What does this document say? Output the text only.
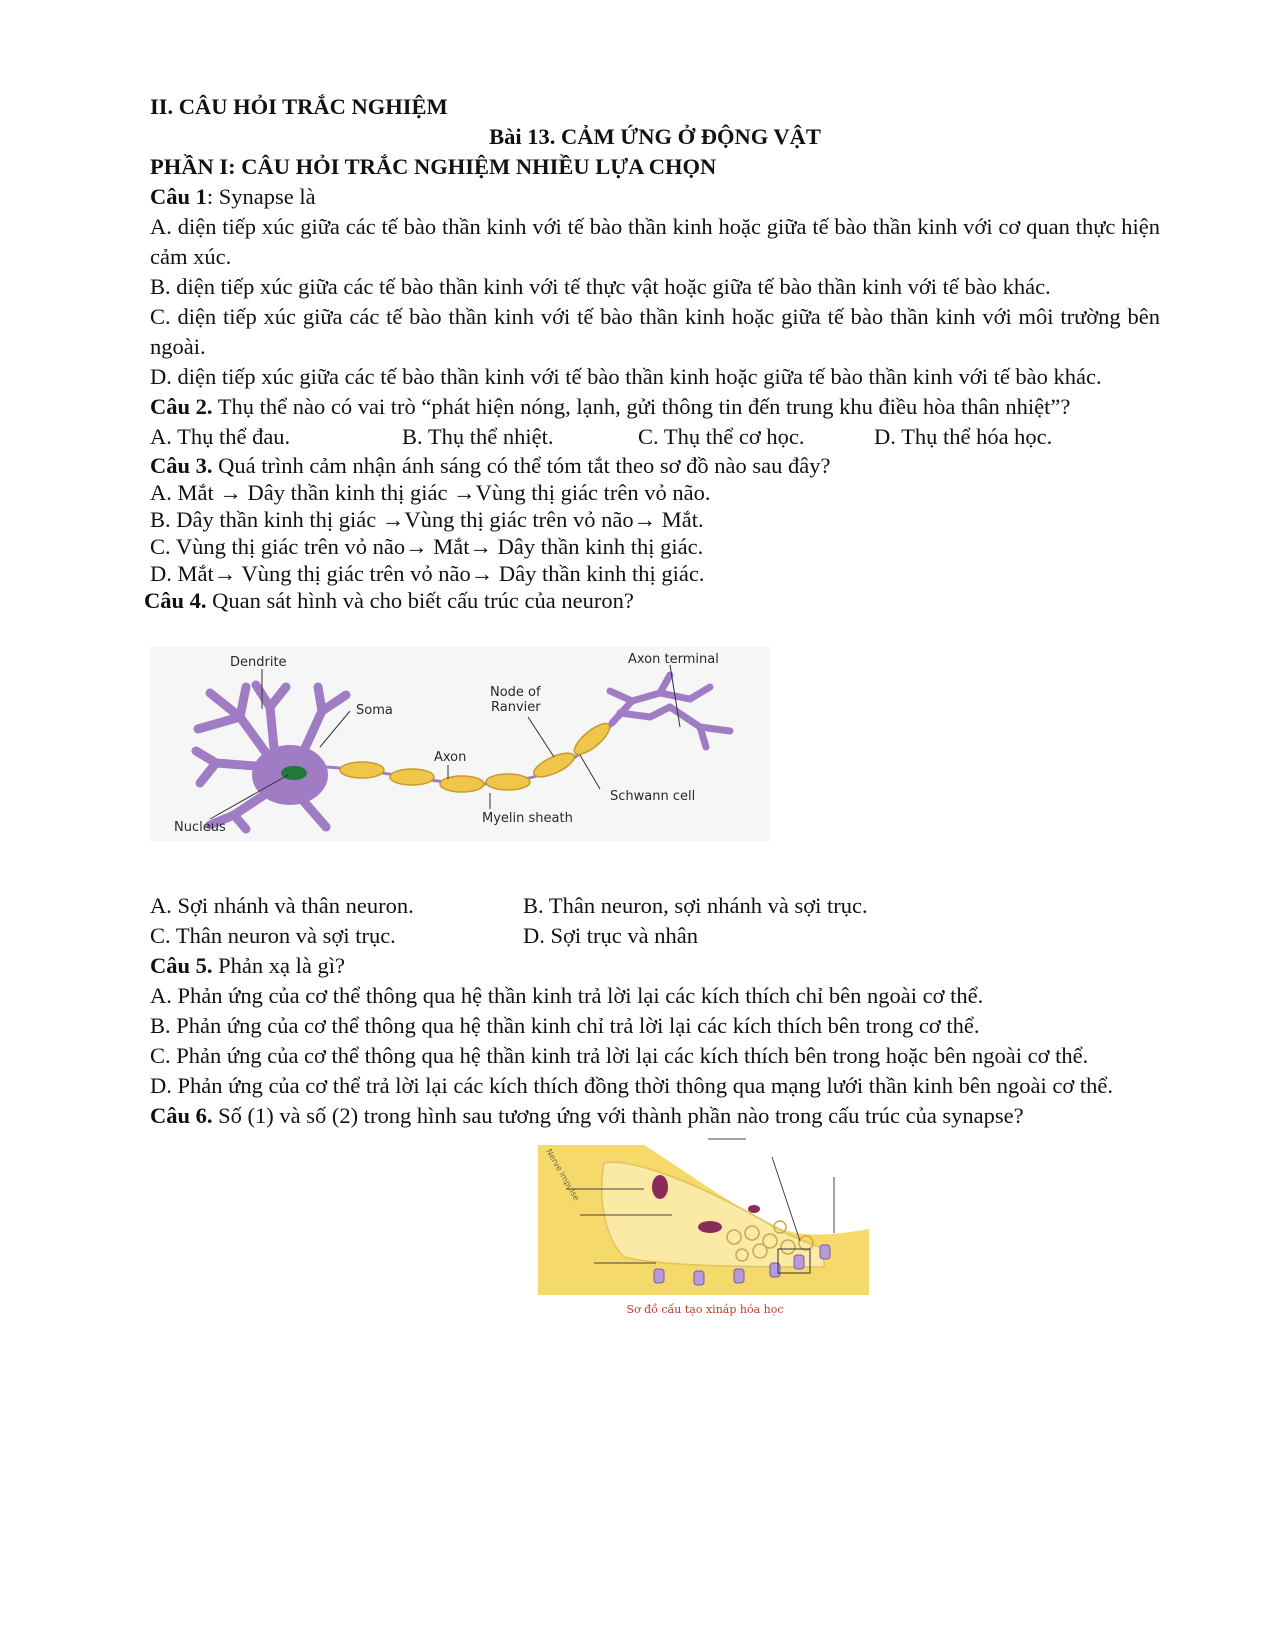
II. CÂU HỎI TRẮC NGHIỆM
Bài 13. CẢM ỨNG Ở ĐỘNG VẬT
PHẦN I: CÂU HỎI TRẮC NGHIỆM NHIỀU LỰA CHỌN
Câu 1: Synapse là
A. diện tiếp xúc giữa các tế bào thần kinh với tế bào thần kinh hoặc giữa tế bào thần kinh với cơ quan thực hiện cảm xúc.
B. diện tiếp xúc giữa các tế bào thần kinh với tế thực vật hoặc giữa tế bào thần kinh với tế bào khác.
C. diện tiếp xúc giữa các tế bào thần kinh với tế bào thần kinh hoặc giữa tế bào thần kinh với môi trường bên ngoài.
D. diện tiếp xúc giữa các tế bào thần kinh với tế bào thần kinh hoặc giữa tế bào thần kinh với tế bào khác.
Câu 2. Thụ thể nào có vai trò “phát hiện nóng, lạnh, gửi thông tin đến trung khu điều hòa thân nhiệt”?
A. Thụ thể đau.	B. Thụ thể nhiệt.	C. Thụ thể cơ học.	D. Thụ thể hóa học.
Câu 3. Quá trình cảm nhận ánh sáng có thể tóm tắt theo sơ đồ nào sau đây?
A. Mắt → Dây thần kinh thị giác →Vùng thị giác trên vỏ não.
B. Dây thần kinh thị giác →Vùng thị giác trên vỏ não→ Mắt.
C. Vùng thị giác trên vỏ não→ Mắt→ Dây thần kinh thị giác.
D. Mắt→ Vùng thị giác trên vỏ não→ Dây thần kinh thị giác.
Câu 4. Quan sát hình và cho biết cấu trúc của neuron?
Dendrite	Axon terminal
Node of
Ranvier
Soma
Axon
Schwann cell
Myelin sheath
Nucleus
A. Sợi nhánh và thân neuron.	B. Thân neuron, sợi nhánh và sợi trục.
C. Thân neuron và sợi trục.	D. Sợi trục và nhân
Câu 5. Phản xạ là gì?
A. Phản ứng của cơ thể thông qua hệ thần kinh trả lời lại các kích thích chỉ bên ngoài cơ thể.
B. Phản ứng của cơ thể thông qua hệ thần kinh chỉ trả lời lại các kích thích bên trong cơ thể.
C. Phản ứng của cơ thể thông qua hệ thần kinh trả lời lại các kích thích bên trong hoặc bên ngoài cơ thể.
D. Phản ứng của cơ thể trả lời lại các kích thích đồng thời thông qua mạng lưới thần kinh bên ngoài cơ thể.
Câu 6. Số (1) và số (2) trong hình sau tương ứng với thành phần nào trong cấu trúc của synapse?
Nerve impulse
Sơ đồ cấu tạo xináp hóa học
